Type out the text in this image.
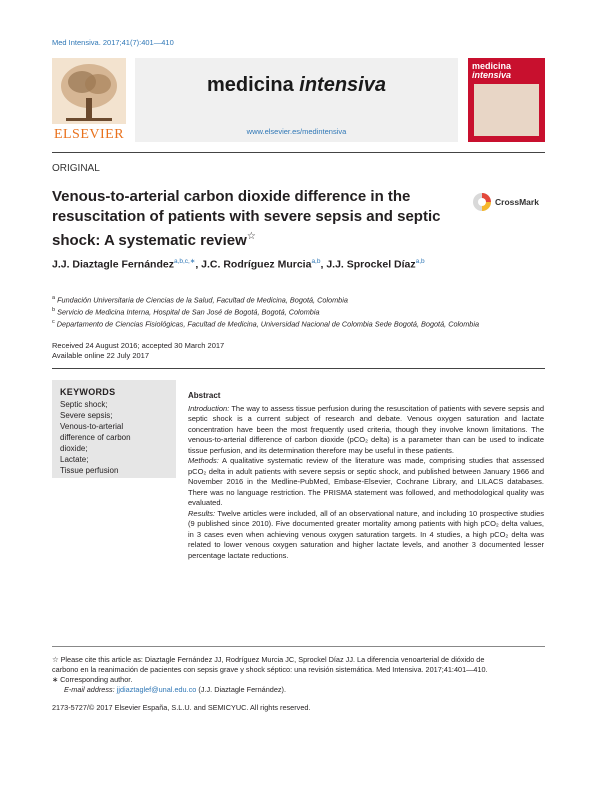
Med Intensiva. 2017;41(7):401—410
ELSEVIER
medicina intensiva
www.elsevier.es/medintensiva
medicina
intensiva
ORIGINAL
Venous-to-arterial carbon dioxide difference in the resuscitation of patients with severe sepsis and septic shock: A systematic review☆
CrossMark
J.J. Diaztagle Fernández$^{a,b,c,∗}$, J.C. Rodríguez Murcia$^{a,b}$, J.J. Sprockel Díaz$^{a,b}$
$^a$ Fundación Universitaria de Ciencias de la Salud, Facultad de Medicina, Bogotá, Colombia
$^b$ Servicio de Medicina Interna, Hospital de San José de Bogotá, Bogotá, Colombia
$^c$ Departamento de Ciencias Fisiológicas, Facultad de Medicina, Universidad Nacional de Colombia Sede Bogotá, Bogotá, Colombia
Received 24 August 2016; accepted 30 March 2017
Available online 22 July 2017
KEYWORDS
Septic shock;
Severe sepsis;
Venous-to-arterial
difference of carbon
dioxide;
Lactate;
Tissue perfusion
Abstract

Introduction: The way to assess tissue perfusion during the resuscitation of patients with severe sepsis and septic shock is a current subject of research and debate. Venous oxygen saturation and lactate concentration have been the most frequently used criteria, though they involve known limitations. The venous-to-arterial difference of carbon dioxide (pCO₂ delta) is a parameter than can be used to indicate tissue perfusion, and its determination therefore may be useful in these patients.

Methods: A qualitative systematic review of the literature was made, comprising studies that assessed pCO₂ delta in adult patients with severe sepsis or septic shock, and published between January 1966 and November 2016 in the Medline-PubMed, Embase-Elsevier, Cochrane Library, and LILACS databases. There was no language restriction. The PRISMA statement was followed, and methodological quality was evaluated.

Results: Twelve articles were included, all of an observational nature, and including 10 prospective studies (9 published since 2010). Five documented greater mortality among patients with high pCO₂ delta values, in 3 cases even when achieving venous oxygen saturation targets. In 4 studies, a high pCO₂ delta was related to lower venous oxygen saturation and higher lactate levels, and another 3 documented lesser percentage lactate reductions.

☆ Please cite this article as: Diaztagle Fernández JJ, Rodríguez Murcia JC, Sprockel Díaz JJ. La diferencia venoarterial de dióxido de
carbono en la reanimación de pacientes con sepsis grave y shock séptico: una revisión sistemática. Med Intensiva. 2017;41:401—410.
∗ Corresponding author.
E-mail address: jjdiaztaglef@unal.edu.co (J.J. Diaztagle Fernández).
2173-5727/© 2017 Elsevier España, S.L.U. and SEMICYUC. All rights reserved.
